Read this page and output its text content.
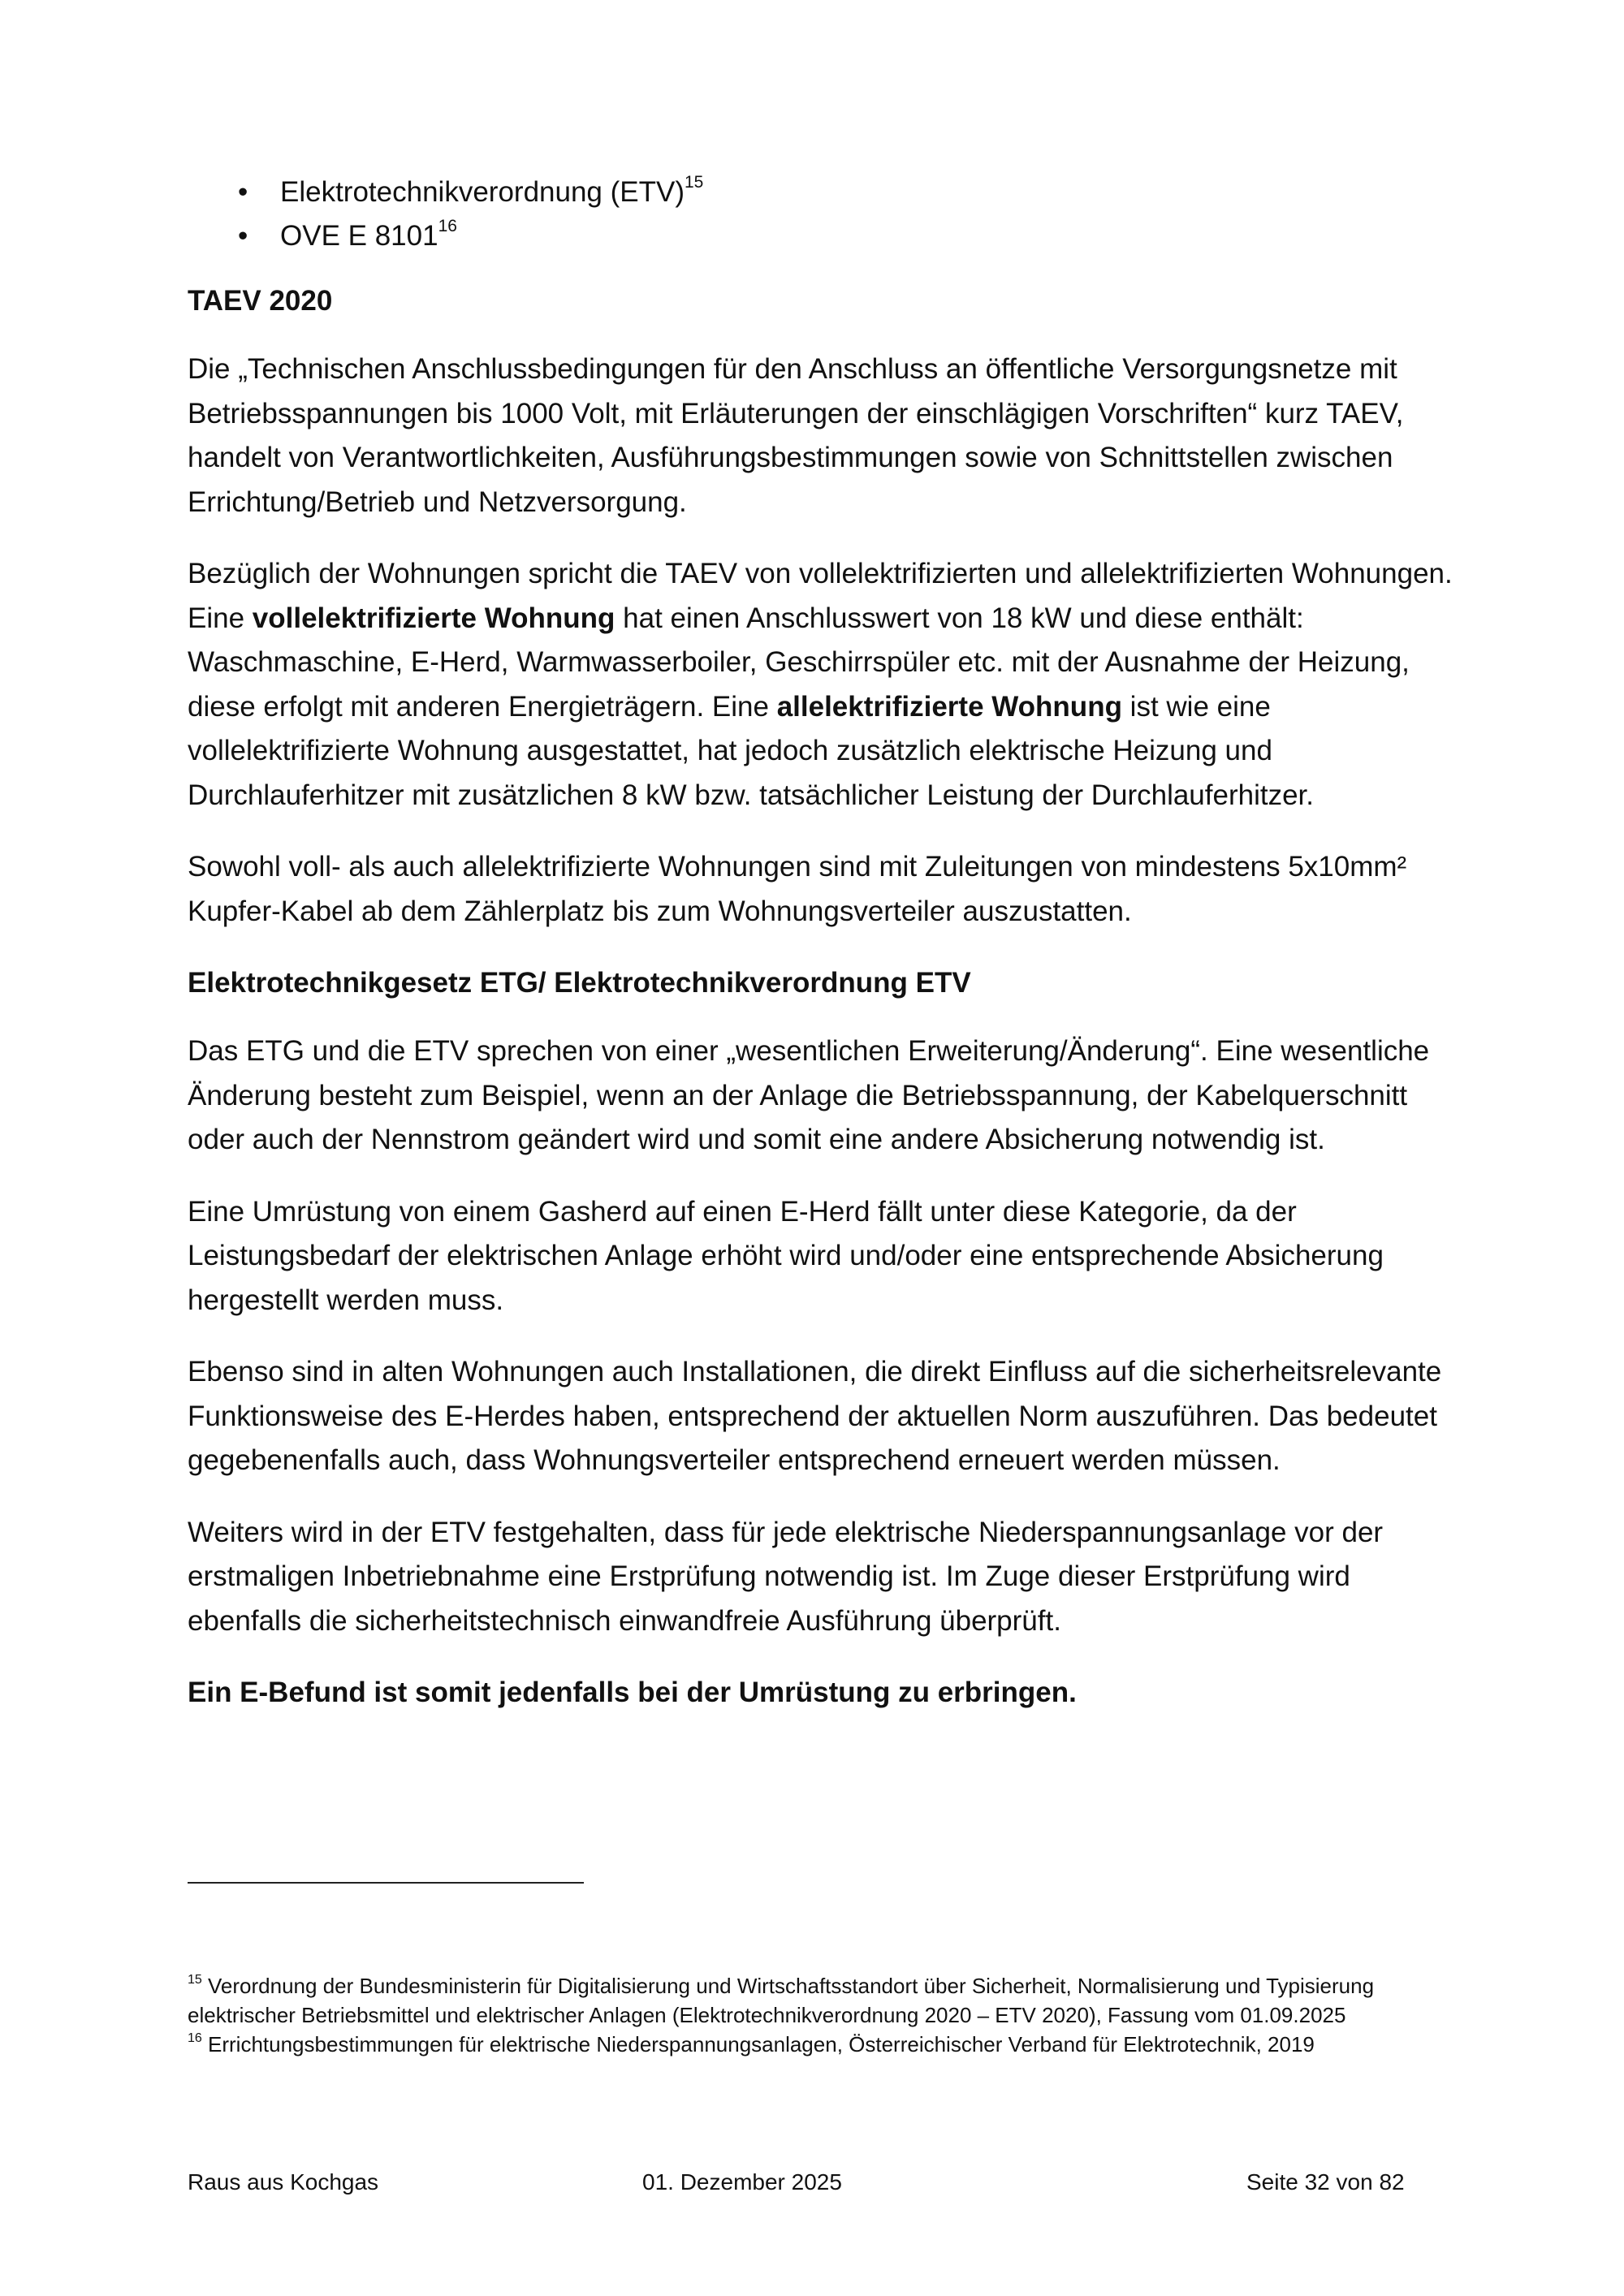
• Elektrotechnikverordnung (ETV)$^{15}$
• OVE E 8101$^{16}$
TAEV 2020

Die „Technischen Anschlussbedingungen für den Anschluss an öffentliche Versorgungsnetze mit Betriebsspannungen bis 1000 Volt, mit Erläuterungen der einschlägigen Vorschriften“ kurz TAEV, handelt von Verantwortlichkeiten, Ausführungsbestimmungen sowie von Schnittstellen zwischen Errichtung/Betrieb und Netzversorgung.

Bezüglich der Wohnungen spricht die TAEV von vollelektrifizierten und allelektrifizierten Wohnungen. Eine vollelektrifizierte Wohnung hat einen Anschlusswert von 18 kW und diese enthält: Waschmaschine, E-Herd, Warmwasserboiler, Geschirrspüler etc. mit der Ausnahme der Heizung, diese erfolgt mit anderen Energieträgern. Eine allelektrifizierte Wohnung ist wie eine vollelektrifizierte Wohnung ausgestattet, hat jedoch zusätzlich elektrische Heizung und Durchlauferhitzer mit zusätzlichen 8 kW bzw. tatsächlicher Leistung der Durchlauferhitzer.

Sowohl voll- als auch allelektrifizierte Wohnungen sind mit Zuleitungen von mindestens 5x10mm² Kupfer-Kabel ab dem Zählerplatz bis zum Wohnungsverteiler auszustatten.

Elektrotechnikgesetz ETG/ Elektrotechnikverordnung ETV

Das ETG und die ETV sprechen von einer „wesentlichen Erweiterung/Änderung“. Eine wesentliche Änderung besteht zum Beispiel, wenn an der Anlage die Betriebsspannung, der Kabelquerschnitt oder auch der Nennstrom geändert wird und somit eine andere Absicherung notwendig ist.

Eine Umrüstung von einem Gasherd auf einen E-Herd fällt unter diese Kategorie, da der Leistungsbedarf der elektrischen Anlage erhöht wird und/oder eine entsprechende Absicherung hergestellt werden muss.

Ebenso sind in alten Wohnungen auch Installationen, die direkt Einfluss auf die sicherheitsrelevante Funktionsweise des E-Herdes haben, entsprechend der aktuellen Norm auszuführen. Das bedeutet gegebenenfalls auch, dass Wohnungsverteiler entsprechend erneuert werden müssen.

Weiters wird in der ETV festgehalten, dass für jede elektrische Niederspannungsanlage vor der erstmaligen Inbetriebnahme eine Erstprüfung notwendig ist. Im Zuge dieser Erstprüfung wird ebenfalls die sicherheitstechnisch einwandfreie Ausführung überprüft.

Ein E-Befund ist somit jedenfalls bei der Umrüstung zu erbringen.

$^{15}$ Verordnung der Bundesministerin für Digitalisierung und Wirtschaftsstandort über Sicherheit, Normalisierung und Typisierung elektrischer Betriebsmittel und elektrischer Anlagen (Elektrotechnikverordnung 2020 – ETV 2020), Fassung vom 01.09.2025

$^{16}$ Errichtungsbestimmungen für elektrische Niederspannungsanlagen, Österreichischer Verband für Elektrotechnik, 2019

Raus aus Kochgas	01. Dezember 2025	Seite 32 von 82
